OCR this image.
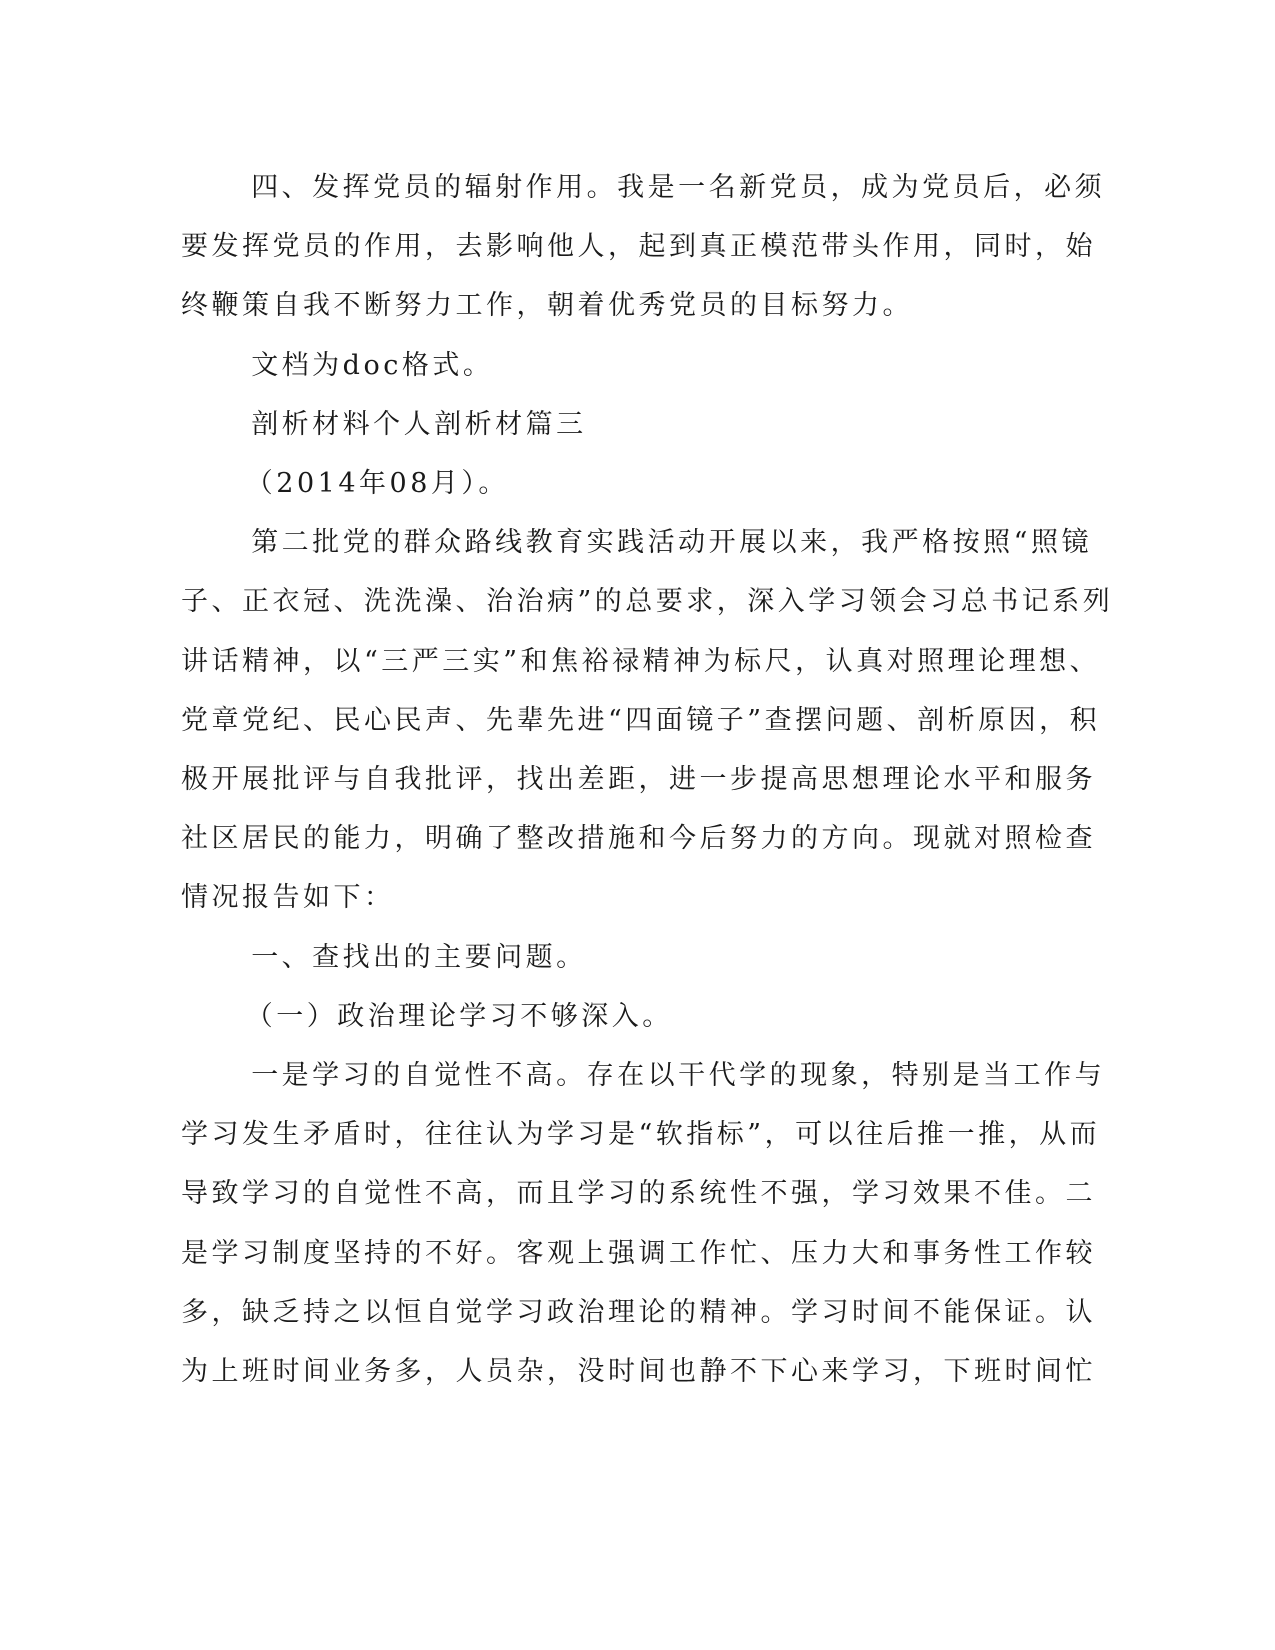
四、发挥党员的辐射作用。我是一名新党员，成为党员后，必须
要发挥党员的作用，去影响他人，起到真正模范带头作用，同时，始
终鞭策自我不断努力工作，朝着优秀党员的目标努力。

文档为doc格式。

剖析材料个人剖析材篇三

（2014年08月）。

第二批党的群众路线教育实践活动开展以来，我严格按照“照镜
子、正衣冠、洗洗澡、治治病”的总要求，深入学习领会习总书记系列
讲话精神，以“三严三实”和焦裕禄精神为标尺，认真对照理论理想、
党章党纪、民心民声、先辈先进“四面镜子”查摆问题、剖析原因，积
极开展批评与自我批评，找出差距，进一步提高思想理论水平和服务
社区居民的能力，明确了整改措施和今后努力的方向。现就对照检查
情况报告如下：

一、查找出的主要问题。

（一）政治理论学习不够深入。

一是学习的自觉性不高。存在以干代学的现象，特别是当工作与
学习发生矛盾时，往往认为学习是“软指标”，可以往后推一推，从而
导致学习的自觉性不高，而且学习的系统性不强，学习效果不佳。二
是学习制度坚持的不好。客观上强调工作忙、压力大和事务性工作较
多，缺乏持之以恒自觉学习政治理论的精神。学习时间不能保证。认
为上班时间业务多，人员杂，没时间也静不下心来学习，下班时间忙
